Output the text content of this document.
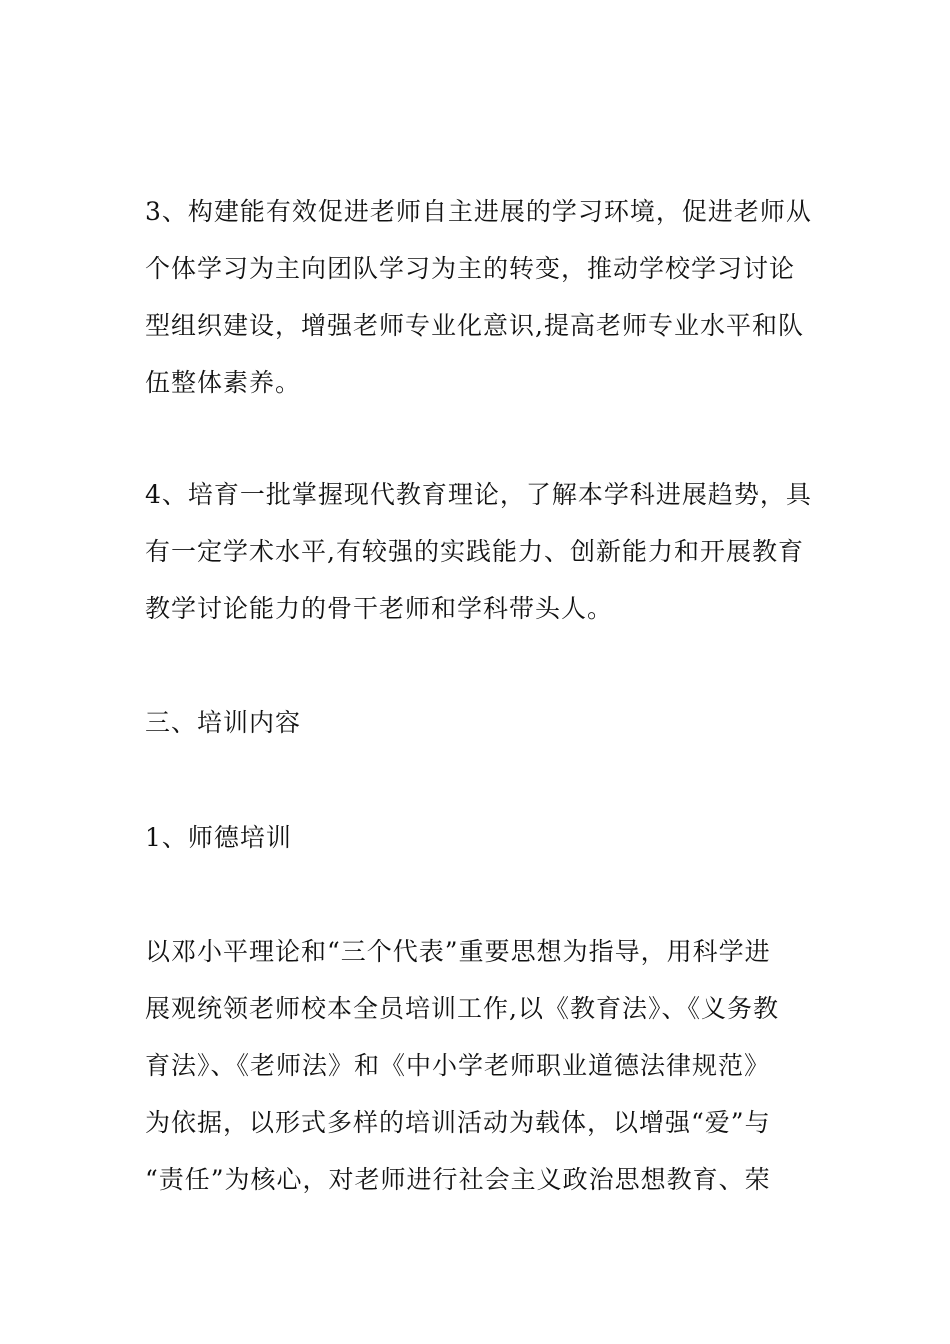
3、构建能有效促进老师自主进展的学习环境，促进老师从
个体学习为主向团队学习为主的转变，推动学校学习讨论
型组织建设，增强老师专业化意识,提高老师专业水平和队
伍整体素养。
4、培育一批掌握现代教育理论，了解本学科进展趋势，具
有一定学术水平,有较强的实践能力、创新能力和开展教育
教学讨论能力的骨干老师和学科带头人。
三、培训内容
1、师德培训
以邓小平理论和“三个代表”重要思想为指导，用科学进
展观统领老师校本全员培训工作,以《教育法》、《义务教
育法》、《老师法》和《中小学老师职业道德法律规范》
为依据，以形式多样的培训活动为载体，以增强“爱”与
“责任”为核心，对老师进行社会主义政治思想教育、荣
